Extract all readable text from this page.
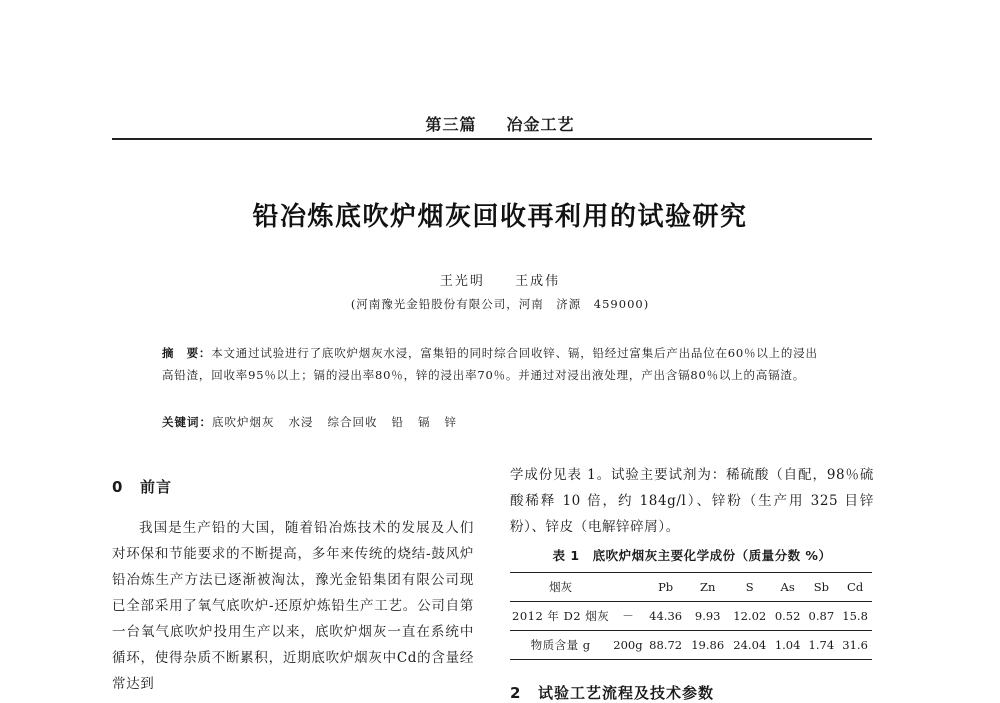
第三篇 冶金工艺
铅冶炼底吹炉烟灰回收再利用的试验研究
王光明 王成伟
(河南豫光金铅股份有限公司，河南　济源　459000)
摘　要：本文通过试验进行了底吹炉烟灰水浸，富集铅的同时综合回收锌、镉，铅经过富集后产出品位在60％以上的浸出高铅渣，回收率95％以上；镉的浸出率80％，锌的浸出率70％。并通过对浸出液处理，产出含镉80％以上的高镉渣。
关键词：底吹炉烟灰 水浸 综合回收 铅 镉 锌
0 前言

我国是生产铅的大国，随着铅冶炼技术的发展及人们对环保和节能要求的不断提高，多年来传统的烧结-鼓风炉铅冶炼生产方法已逐渐被淘汰，豫光金铅集团有限公司现已全部采用了氧气底吹炉-还原炉炼铅生产工艺。公司自第一台氧气底吹炉投用生产以来，底吹炉烟灰一直在系统中循环，使得杂质不断累积，近期底吹炉烟灰中Cd的含量经常达到

学成份见表 1。试验主要试剂为：稀硫酸（自配，98％硫酸稀释 10 倍，约 184g/l）、锌粉（生产用 325 目锌粉）、锌皮（电解锌碎屑）。

表 1　底吹炉烟灰主要化学成份（质量分数 %）
烟灰		Pb	Zn	S	As	Sb	Cd
2012 年 D2 烟灰	－	44.36	9.93	12.02	0.52	0.87	15.8
物质含量 g	200g	88.72	19.86	24.04	1.04	1.74	31.6
2 试验工艺流程及技术参数
